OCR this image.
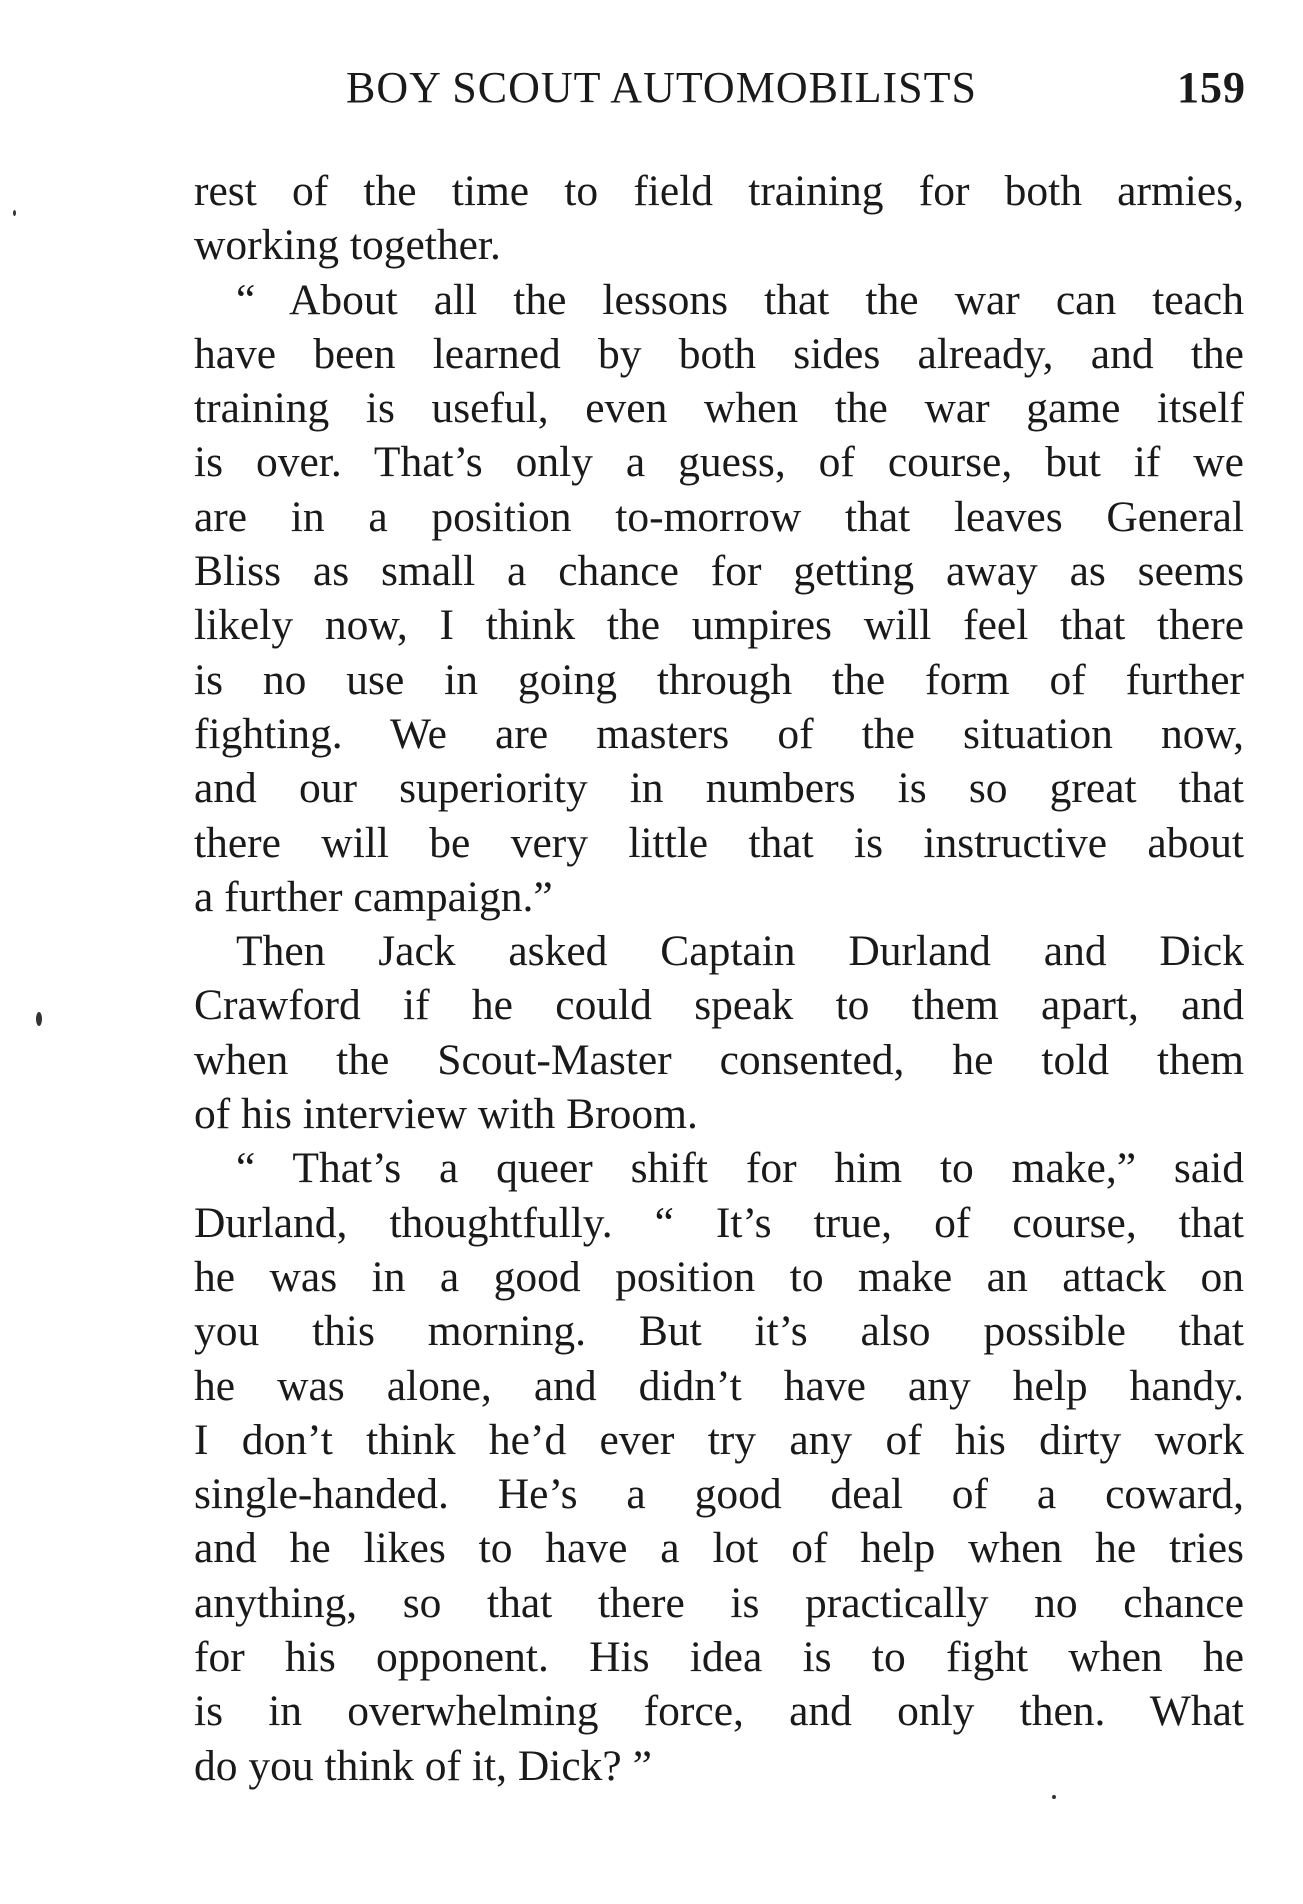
BOY SCOUT AUTOMOBILISTS	159
rest of the time to field training for both armies,
working together.
“ About all the lessons that the war can teach
have been learned by both sides already, and the
training is useful, even when the war game itself
is over. That’s only a guess, of course, but if we
are in a position to-morrow that leaves General
Bliss as small a chance for getting away as seems
likely now, I think the umpires will feel that there
is no use in going through the form of further
fighting. We are masters of the situation now,
and our superiority in numbers is so great that
there will be very little that is instructive about
a further campaign.”
Then Jack asked Captain Durland and Dick
Crawford if he could speak to them apart, and
when the Scout-Master consented, he told them
of his interview with Broom.
“ That’s a queer shift for him to make,” said
Durland, thoughtfully. “ It’s true, of course, that
he was in a good position to make an attack on
you this morning. But it’s also possible that
he was alone, and didn’t have any help handy.
I don’t think he’d ever try any of his dirty work
single-handed. He’s a good deal of a coward,
and he likes to have a lot of help when he tries
anything, so that there is practically no chance
for his opponent. His idea is to fight when he
is in overwhelming force, and only then. What
do you think of it, Dick? ”
